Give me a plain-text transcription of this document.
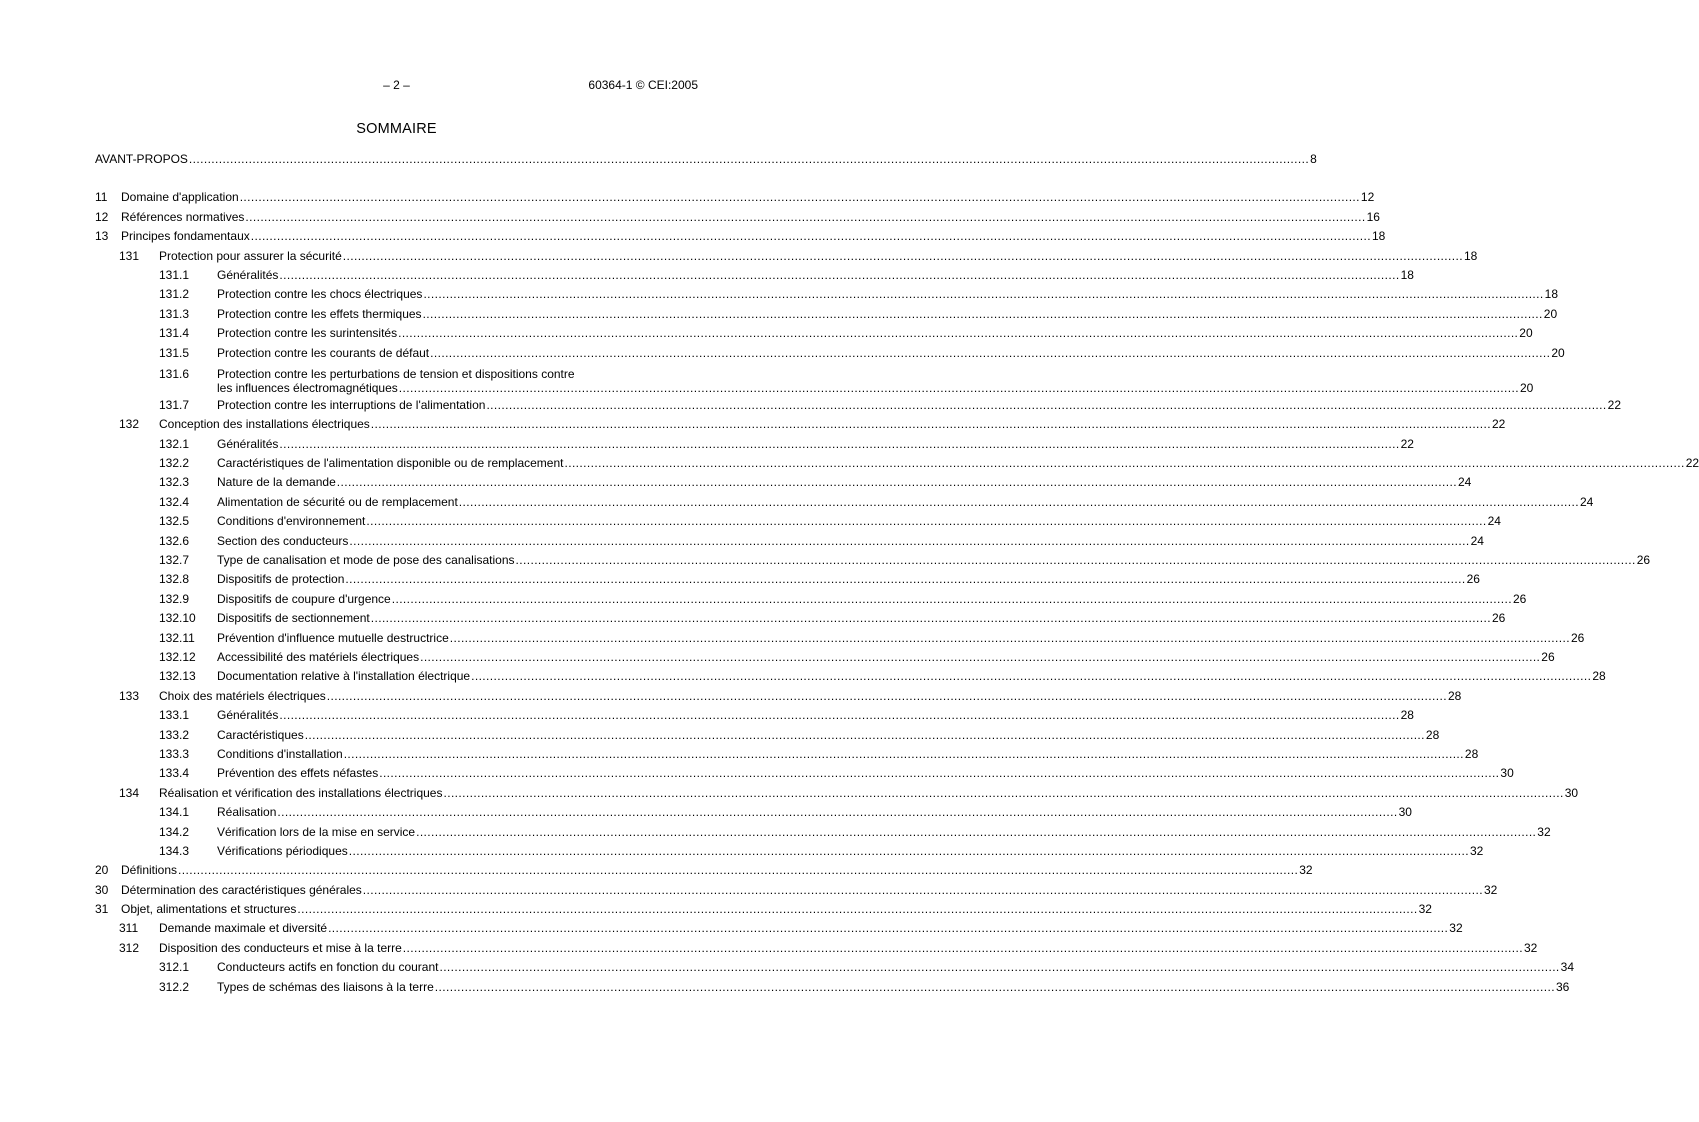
– 2 –	60364-1 © CEI:2005
SOMMAIRE
AVANT-PROPOS ............................................................................................................................................................................................................................................................................................................ 8
11	Domaine d'application ............................................................................................................................................................................................................................................................................................................ 12
12	Références normatives ............................................................................................................................................................................................................................................................................................................ 16
13	Principes fondamentaux ............................................................................................................................................................................................................................................................................................................ 18
131	Protection pour assurer la sécurité ............................................................................................................................................................................................................................................................................................................ 18
131.1	Généralités ............................................................................................................................................................................................................................................................................................................ 18
131.2	Protection contre les chocs électriques ............................................................................................................................................................................................................................................................................................................ 18
131.3	Protection contre les effets thermiques ............................................................................................................................................................................................................................................................................................................ 20
131.4	Protection contre les surintensités ............................................................................................................................................................................................................................................................................................................ 20
131.5	Protection contre les courants de défaut ............................................................................................................................................................................................................................................................................................................ 20
131.6	Protection contre les perturbations de tension et dispositions contre
les influences électromagnétiques ............................................................................................................................................................................................................................................................................................................ 20
131.7	Protection contre les interruptions de l'alimentation ............................................................................................................................................................................................................................................................................................................ 22
132	Conception des installations électriques ............................................................................................................................................................................................................................................................................................................ 22
132.1	Généralités ............................................................................................................................................................................................................................................................................................................ 22
132.2	Caractéristiques de l'alimentation disponible ou de remplacement ............................................................................................................................................................................................................................................................................................................ 22
132.3	Nature de la demande ............................................................................................................................................................................................................................................................................................................ 24
132.4	Alimentation de sécurité ou de remplacement ............................................................................................................................................................................................................................................................................................................ 24
132.5	Conditions d'environnement ............................................................................................................................................................................................................................................................................................................ 24
132.6	Section des conducteurs ............................................................................................................................................................................................................................................................................................................ 24
132.7	Type de canalisation et mode de pose des canalisations ............................................................................................................................................................................................................................................................................................................ 26
132.8	Dispositifs de protection ............................................................................................................................................................................................................................................................................................................ 26
132.9	Dispositifs de coupure d'urgence ............................................................................................................................................................................................................................................................................................................ 26
132.10	Dispositifs de sectionnement ............................................................................................................................................................................................................................................................................................................ 26
132.11	Prévention d'influence mutuelle destructrice ............................................................................................................................................................................................................................................................................................................ 26
132.12	Accessibilité des matériels électriques ............................................................................................................................................................................................................................................................................................................ 26
132.13	Documentation relative à l'installation électrique ............................................................................................................................................................................................................................................................................................................ 28
133	Choix des matériels électriques ............................................................................................................................................................................................................................................................................................................ 28
133.1	Généralités ............................................................................................................................................................................................................................................................................................................ 28
133.2	Caractéristiques ............................................................................................................................................................................................................................................................................................................ 28
133.3	Conditions d'installation ............................................................................................................................................................................................................................................................................................................ 28
133.4	Prévention des effets néfastes ............................................................................................................................................................................................................................................................................................................ 30
134	Réalisation et vérification des installations électriques ............................................................................................................................................................................................................................................................................................................ 30
134.1	Réalisation ............................................................................................................................................................................................................................................................................................................ 30
134.2	Vérification lors de la mise en service ............................................................................................................................................................................................................................................................................................................ 32
134.3	Vérifications périodiques ............................................................................................................................................................................................................................................................................................................ 32
20	Définitions ............................................................................................................................................................................................................................................................................................................ 32
30	Détermination des caractéristiques générales ............................................................................................................................................................................................................................................................................................................ 32
31	Objet, alimentations et structures ............................................................................................................................................................................................................................................................................................................ 32
311	Demande maximale et diversité ............................................................................................................................................................................................................................................................................................................ 32
312	Disposition des conducteurs et mise à la terre ............................................................................................................................................................................................................................................................................................................ 32
312.1	Conducteurs actifs en fonction du courant ............................................................................................................................................................................................................................................................................................................ 34
312.2	Types de schémas des liaisons à la terre ............................................................................................................................................................................................................................................................................................................ 36
